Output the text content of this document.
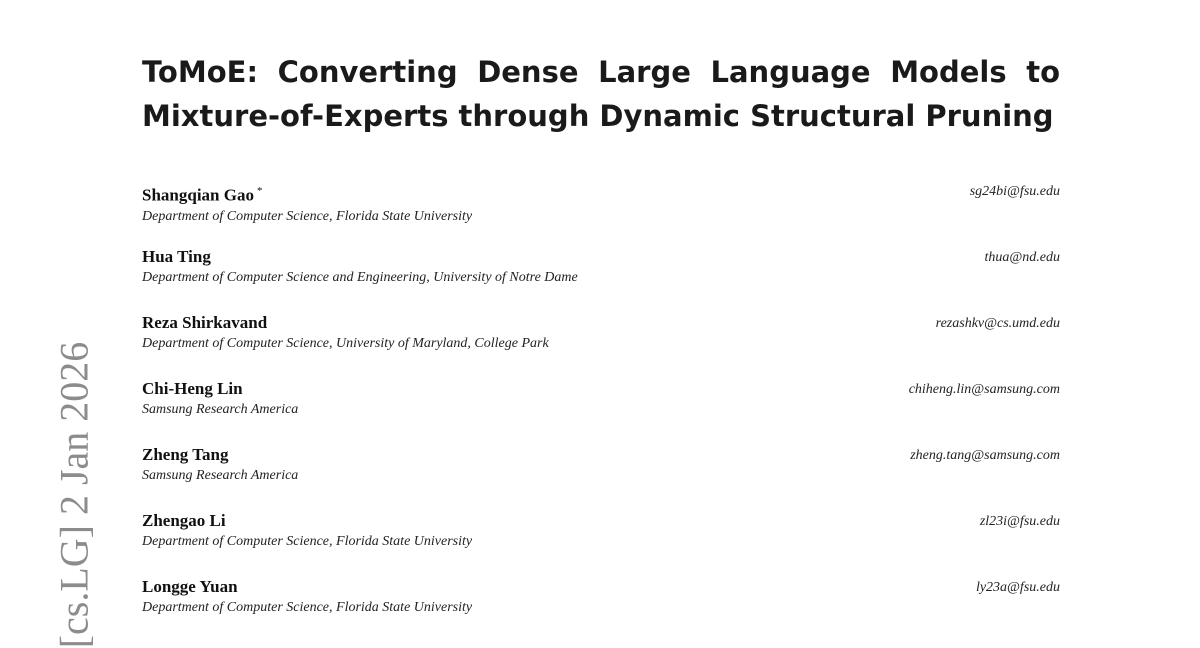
[cs.LG] 2 Jan 2026
ToMoE: Converting Dense Large Language Models to Mixture-of-Experts through Dynamic Structural Pruning
Shangqian Gao *
Department of Computer Science, Florida State University
sg24bi@fsu.edu
Hua Ting
Department of Computer Science and Engineering, University of Notre Dame
thua@nd.edu
Reza Shirkavand
Department of Computer Science, University of Maryland, College Park
rezashkv@cs.umd.edu
Chi-Heng Lin
Samsung Research America
chiheng.lin@samsung.com
Zheng Tang
Samsung Research America
zheng.tang@samsung.com
Zhengao Li
Department of Computer Science, Florida State University
zl23i@fsu.edu
Longge Yuan
Department of Computer Science, Florida State University
ly23a@fsu.edu
